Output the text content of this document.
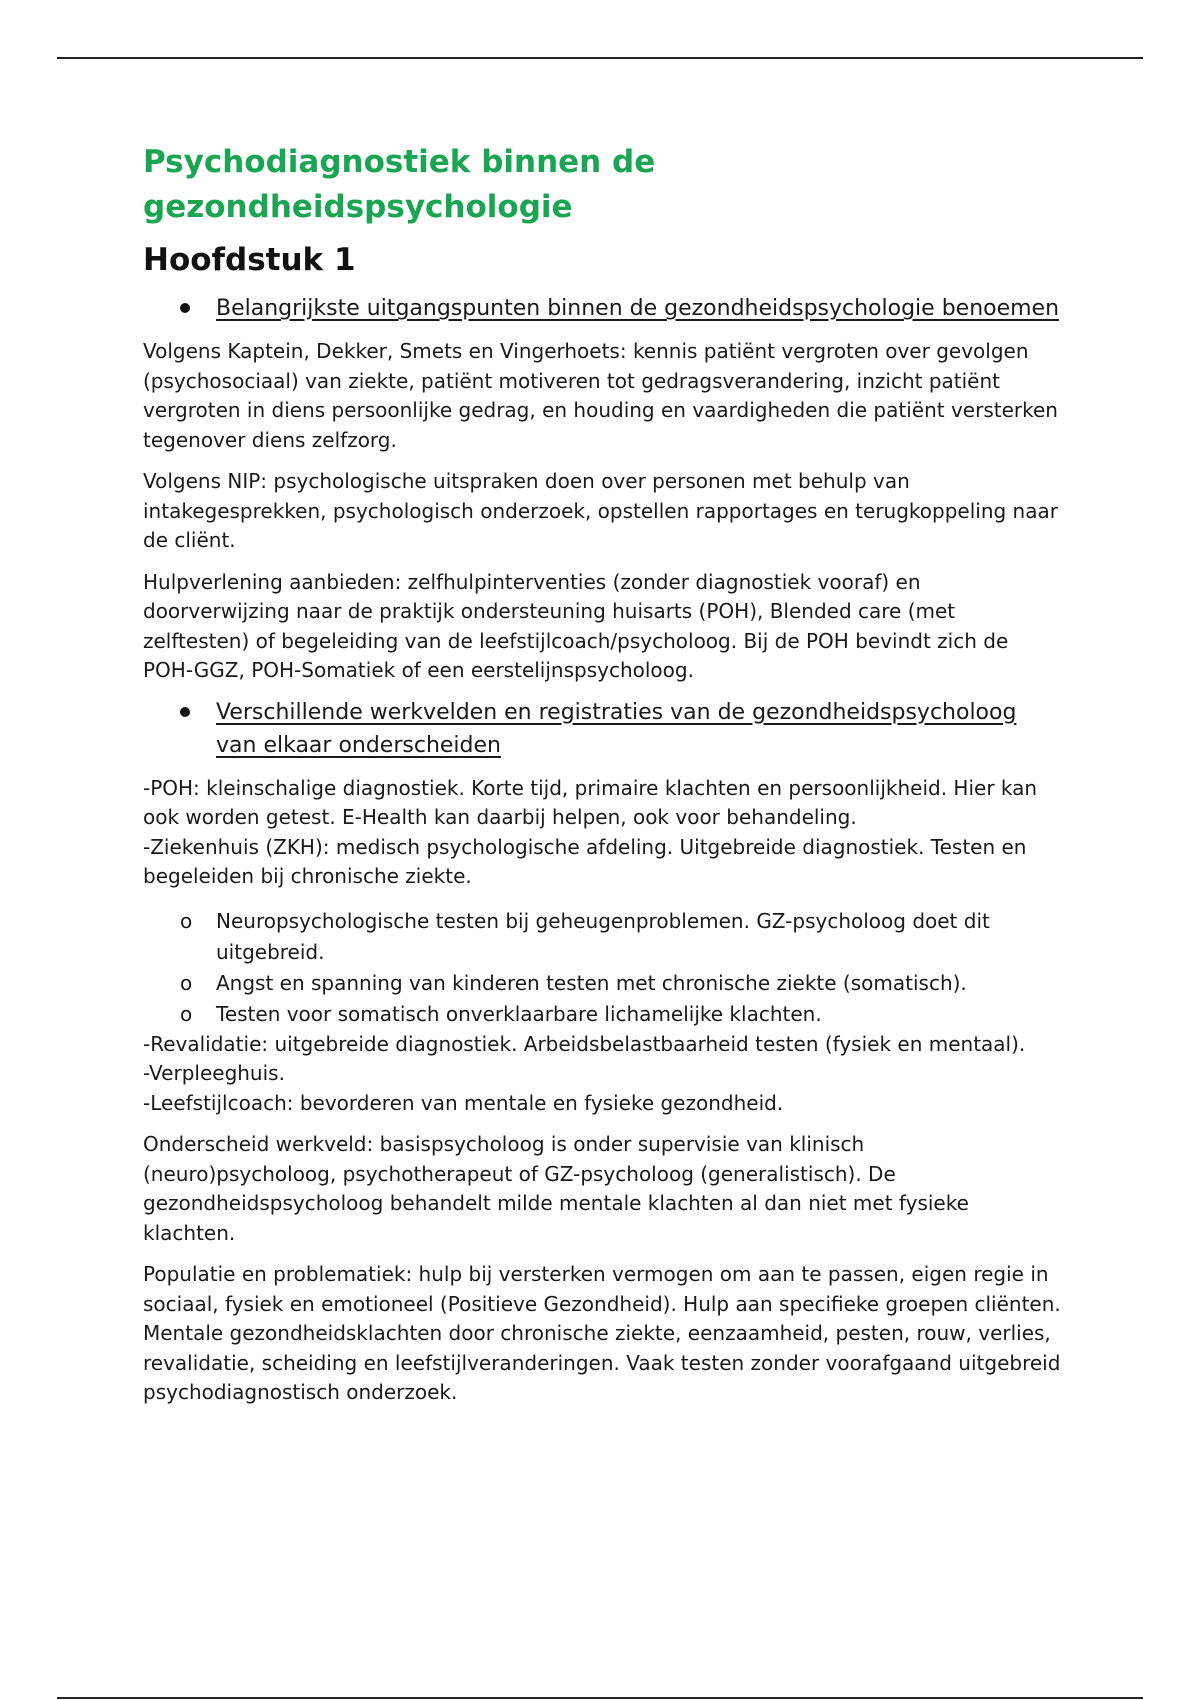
Psychodiagnostiek binnen de gezondheidspsychologie
Hoofdstuk 1
Belangrijkste uitgangspunten binnen de gezondheidspsychologie benoemen

Volgens Kaptein, Dekker, Smets en Vingerhoets: kennis patiënt vergroten over gevolgen (psychosociaal) van ziekte, patiënt motiveren tot gedragsverandering, inzicht patiënt vergroten in diens persoonlijke gedrag, en houding en vaardigheden die patiënt versterken tegenover diens zelfzorg.

Volgens NIP: psychologische uitspraken doen over personen met behulp van intakegesprekken, psychologisch onderzoek, opstellen rapportages en terugkoppeling naar de cliënt.

Hulpverlening aanbieden: zelfhulpinterventies (zonder diagnostiek vooraf) en doorverwijzing naar de praktijk ondersteuning huisarts (POH), Blended care (met zelftesten) of begeleiding van de leefstijlcoach/psycholoog. Bij de POH bevindt zich de POH-GGZ, POH-Somatiek of een eerstelijnspsycholoog.

Verschillende werkvelden en registraties van de gezondheidspsycholoog van elkaar onderscheiden

-POH: kleinschalige diagnostiek. Korte tijd, primaire klachten en persoonlijkheid. Hier kan ook worden getest. E-Health kan daarbij helpen, ook voor behandeling.

-Ziekenhuis (ZKH): medisch psychologische afdeling. Uitgebreide diagnostiek. Testen en begeleiden bij chronische ziekte.

o Neuropsychologische testen bij geheugenproblemen. GZ-psycholoog doet dit uitgebreid.
o Angst en spanning van kinderen testen met chronische ziekte (somatisch).
o Testen voor somatisch onverklaarbare lichamelijke klachten.

-Revalidatie: uitgebreide diagnostiek. Arbeidsbelastbaarheid testen (fysiek en mentaal).

-Verpleeghuis.

-Leefstijlcoach: bevorderen van mentale en fysieke gezondheid.

Onderscheid werkveld: basispsycholoog is onder supervisie van klinisch (neuro)psycholoog, psychotherapeut of GZ-psycholoog (generalistisch). De gezondheidspsycholoog behandelt milde mentale klachten al dan niet met fysieke klachten.

Populatie en problematiek: hulp bij versterken vermogen om aan te passen, eigen regie in sociaal, fysiek en emotioneel (Positieve Gezondheid). Hulp aan specifieke groepen cliënten. Mentale gezondheidsklachten door chronische ziekte, eenzaamheid, pesten, rouw, verlies, revalidatie, scheiding en leefstijlveranderingen. Vaak testen zonder voorafgaand uitgebreid psychodiagnostisch onderzoek.
